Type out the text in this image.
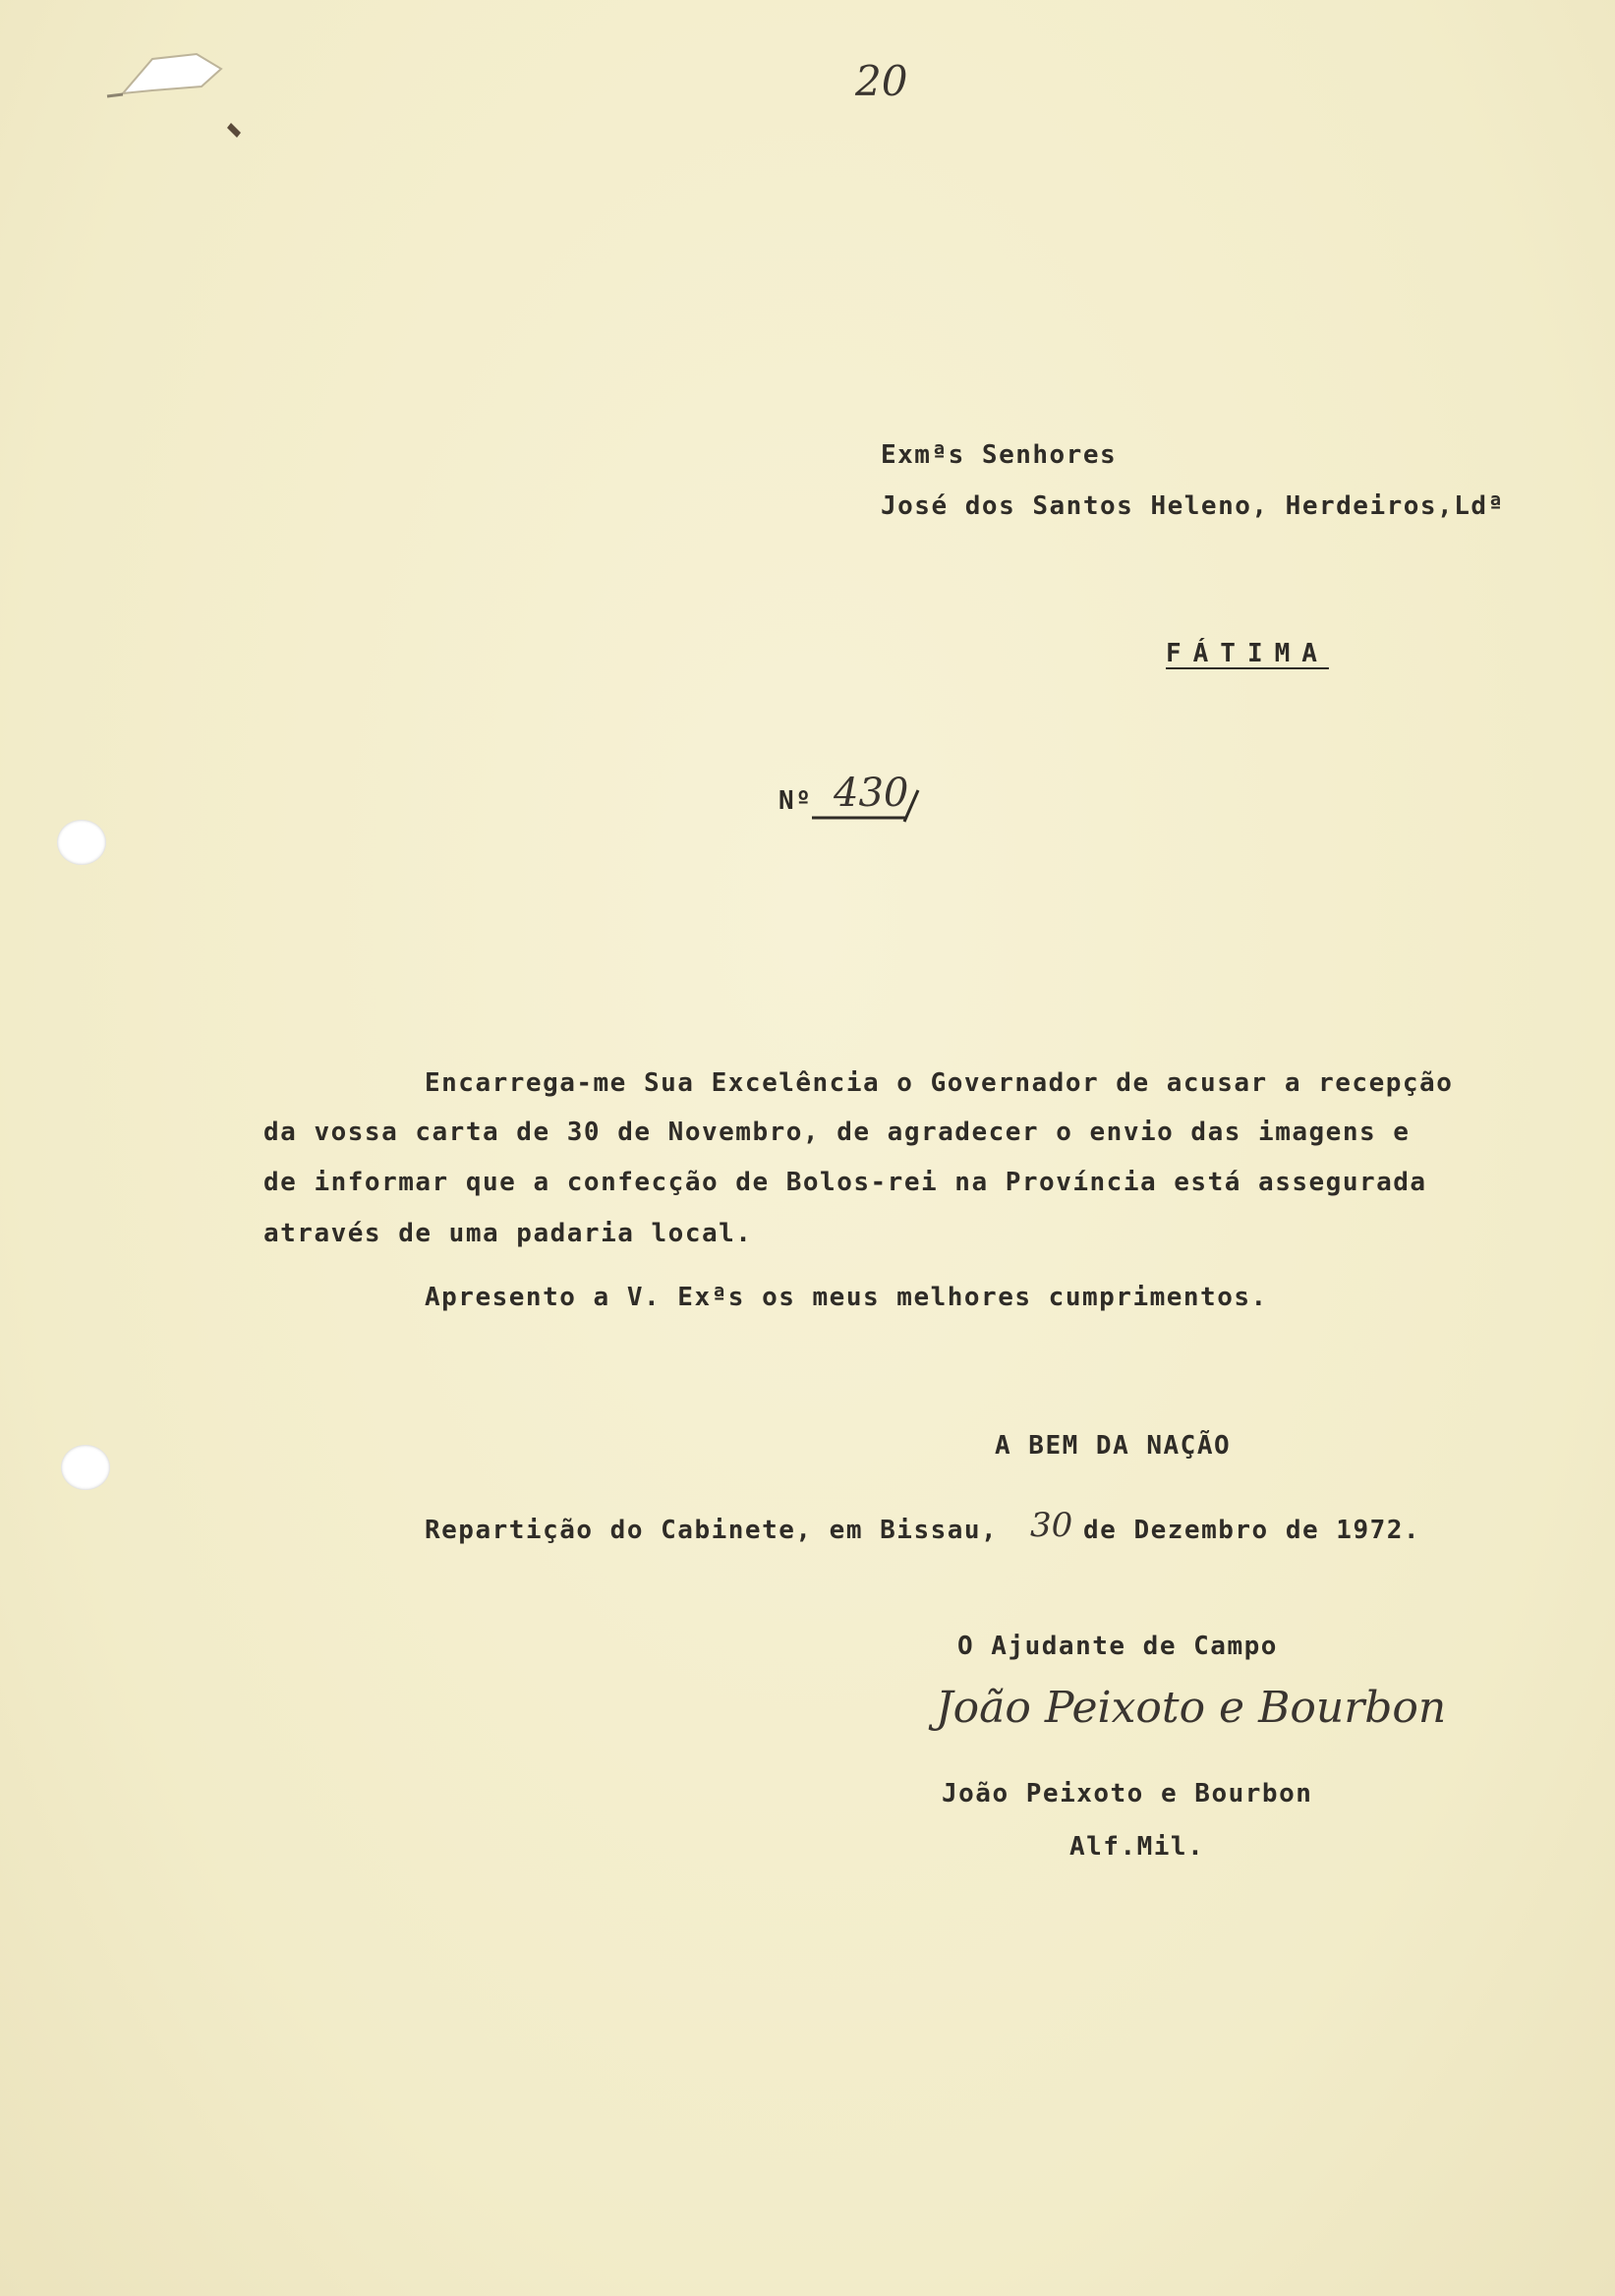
20
Exmªs Senhores
José dos Santos Heleno, Herdeiros,Ldª
FÁTIMA
Nº 430
Encarrega-me Sua Excelência o Governador de acusar a recepção
da vossa carta de 30 de Novembro, de agradecer o envio das imagens e
de informar que a confecção de Bolos-rei na Província está assegurada
através de uma padaria local.
Apresento a V. Exªs os meus melhores cumprimentos.
A BEM DA NAÇÃO
Repartição do Cabinete, em Bissau, 30 de Dezembro de 1972.
O Ajudante de Campo
João Peixoto e Bourbon
João Peixoto e Bourbon
Alf.Mil.
